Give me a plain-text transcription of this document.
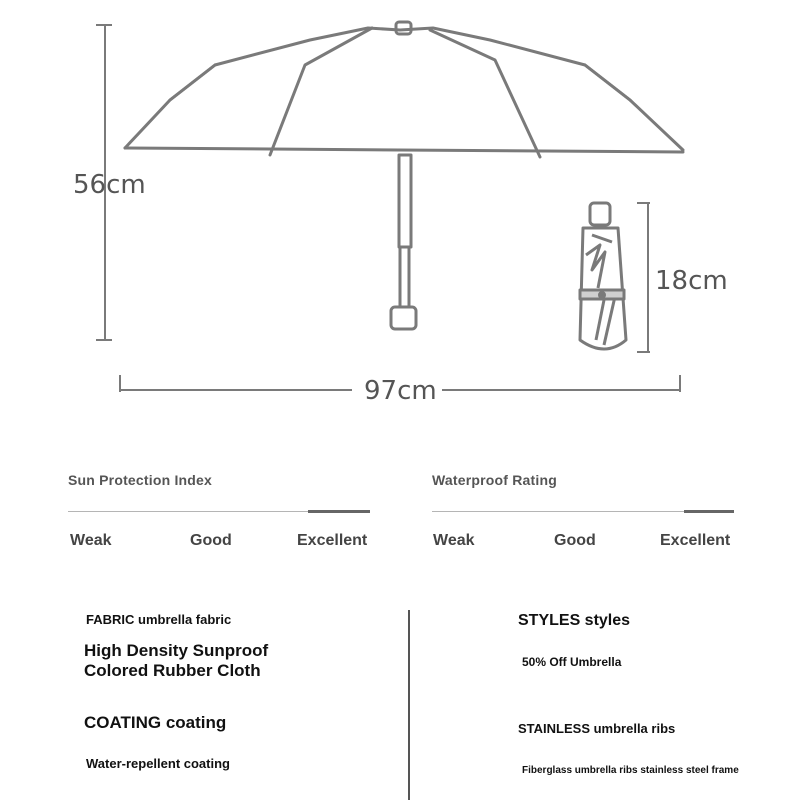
56cm
18cm
97cm
Sun Protection Index
Weak	Good	Excellent
Waterproof Rating
Weak	Good	Excellent
FABRIC umbrella fabric
High Density Sunproof
Colored Rubber Cloth
COATING coating
Water-repellent coating
STYLES styles
50% Off Umbrella
STAINLESS umbrella ribs
Fiberglass umbrella ribs stainless steel frame
